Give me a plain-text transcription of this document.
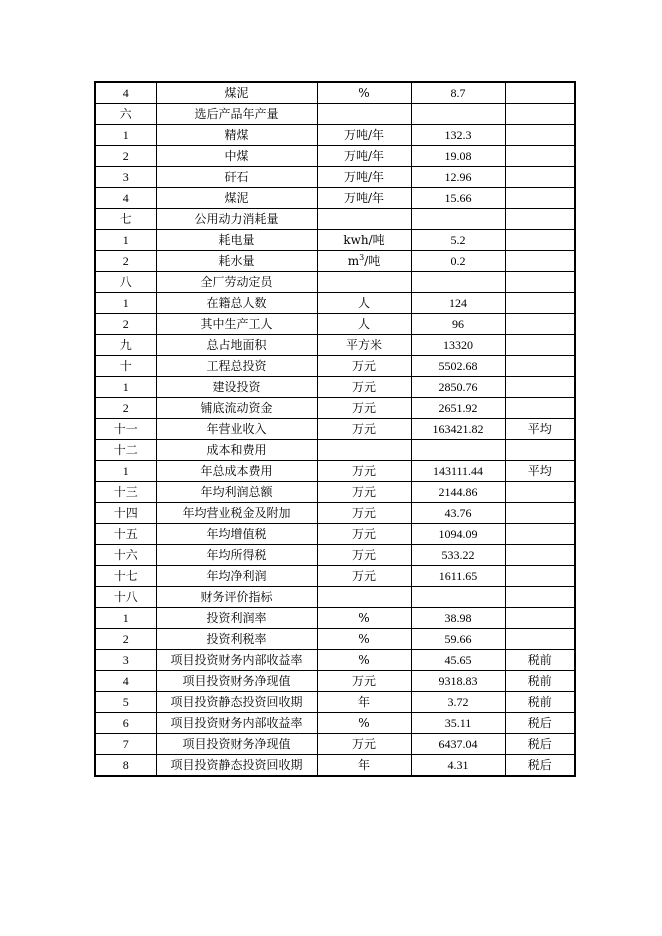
4	煤泥	%	8.7	
六	选后产品年产量			
1	精煤	万吨/年	132.3	
2	中煤	万吨/年	19.08	
3	矸石	万吨/年	12.96	
4	煤泥	万吨/年	15.66	
七	公用动力消耗量			
1	耗电量	kwh/吨	5.2	
2	耗水量	$m^3/$吨	0.2	
八	全厂劳动定员			
1	在籍总人数	人	124	
2	其中生产工人	人	96	
九	总占地面积	平方米	13320	
十	工程总投资	万元	5502.68	
1	建设投资	万元	2850.76	
2	铺底流动资金	万元	2651.92	
十一	年营业收入	万元	163421.82	平均
十二	成本和费用			
1	年总成本费用	万元	143111.44	平均
十三	年均利润总额	万元	2144.86	
十四	年均营业税金及附加	万元	43.76	
十五	年均增值税	万元	1094.09	
十六	年均所得税	万元	533.22	
十七	年均净利润	万元	1611.65	
十八	财务评价指标			
1	投资利润率	%	38.98	
2	投资利税率	%	59.66	
3	项目投资财务内部收益率	%	45.65	税前
4	项目投资财务净现值	万元	9318.83	税前
5	项目投资静态投资回收期	年	3.72	税前
6	项目投资财务内部收益率	%	35.11	税后
7	项目投资财务净现值	万元	6437.04	税后
8	项目投资静态投资回收期	年	4.31	税后
